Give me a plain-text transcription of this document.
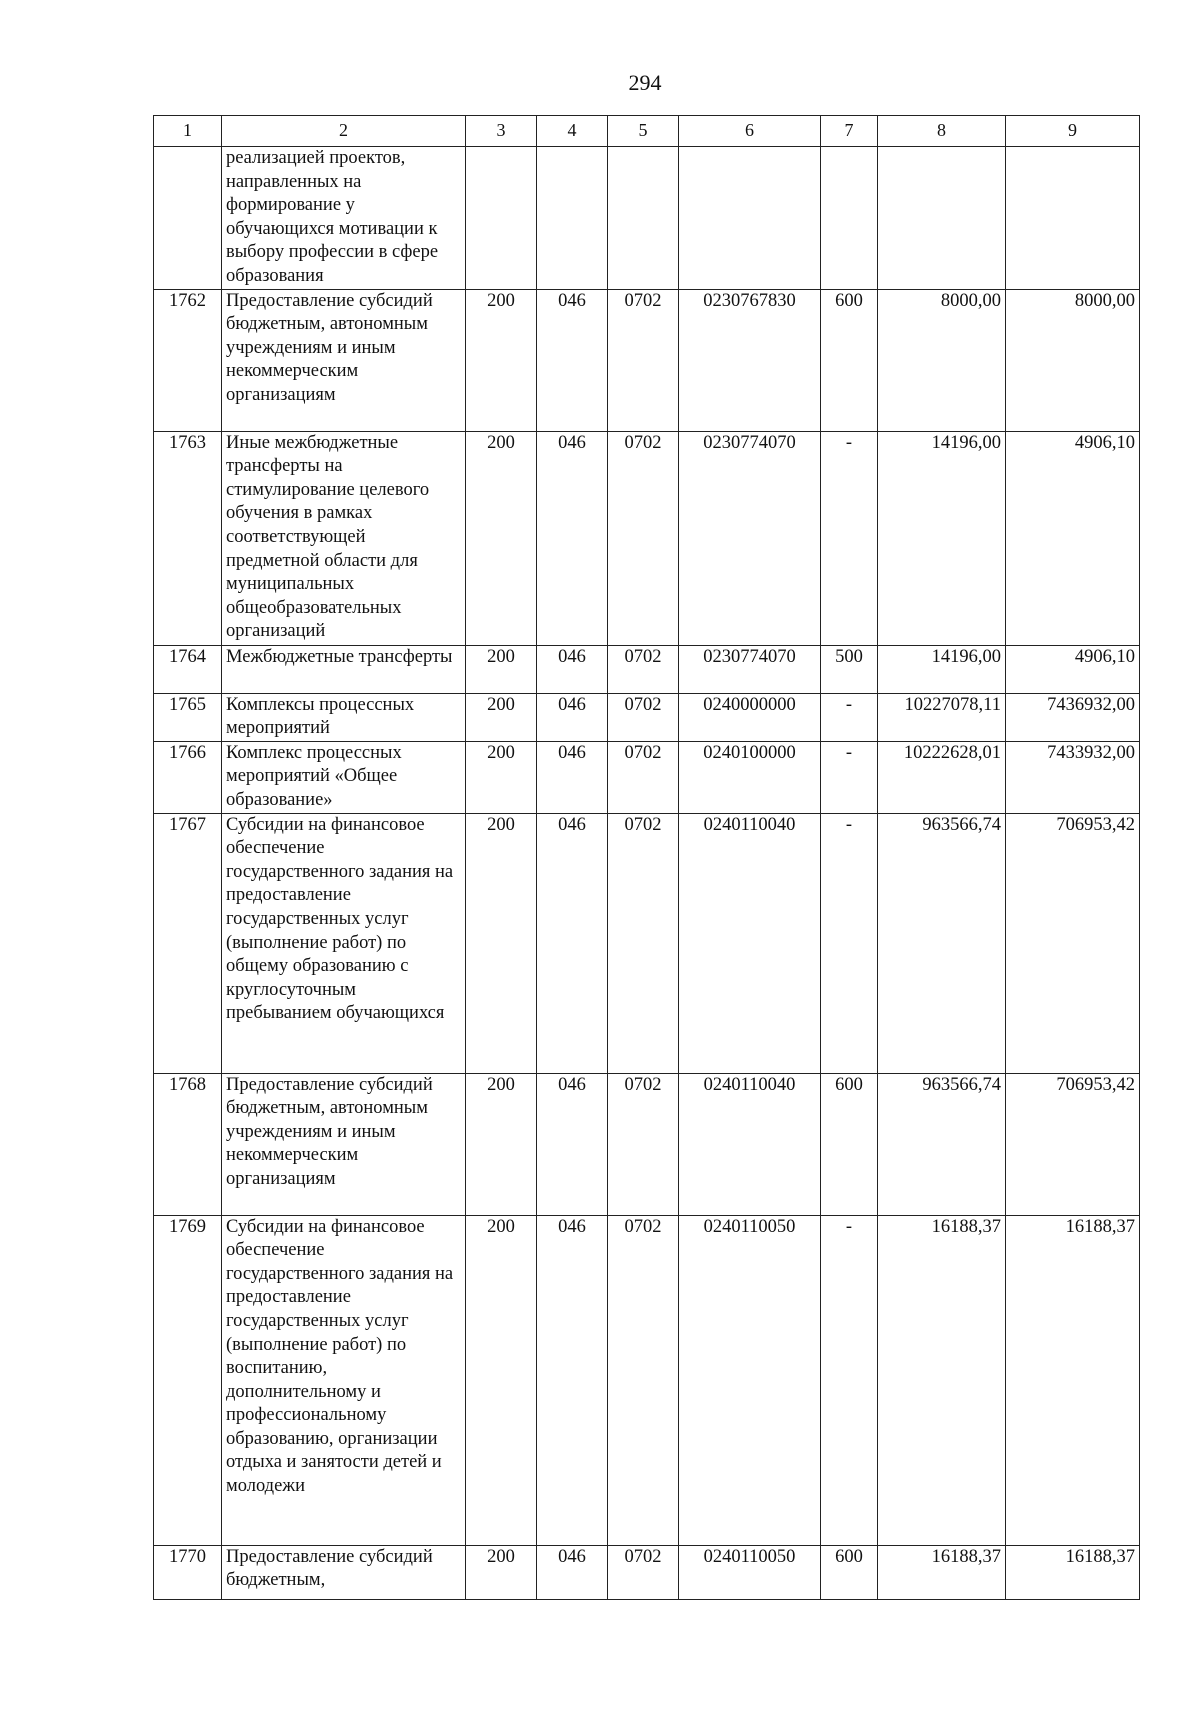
294
1	2	3	4	5	6	7	8	9
	реализацией проектов, направленных на формирование у обучающихся мотивации к выбору профессии в сфере образования							
1762	Предоставление субсидий бюджетным, автономным учреждениям и иным некоммерческим организациям	200	046	0702	0230767830	600	8000,00	8000,00
1763	Иные межбюджетные трансферты на стимулирование целевого обучения в рамках соответствующей предметной области для муниципальных общеобразовательных организаций	200	046	0702	0230774070	-	14196,00	4906,10
1764	Межбюджетные трансферты	200	046	0702	0230774070	500	14196,00	4906,10
1765	Комплексы процессных мероприятий	200	046	0702	0240000000	-	10227078,11	7436932,00
1766	Комплекс процессных мероприятий «Общее образование»	200	046	0702	0240100000	-	10222628,01	7433932,00
1767	Субсидии на финансовое обеспечение государственного задания на предоставление государственных услуг (выполнение работ) по общему образованию с круглосуточным пребыванием обучающихся	200	046	0702	0240110040	-	963566,74	706953,42
1768	Предоставление субсидий бюджетным, автономным учреждениям и иным некоммерческим организациям	200	046	0702	0240110040	600	963566,74	706953,42
1769	Субсидии на финансовое обеспечение государственного задания на предоставление государственных услуг (выполнение работ) по воспитанию, дополнительному и профессиональному образованию, организации отдыха и занятости детей и молодежи	200	046	0702	0240110050	-	16188,37	16188,37
1770	Предоставление субсидий бюджетным,	200	046	0702	0240110050	600	16188,37	16188,37
